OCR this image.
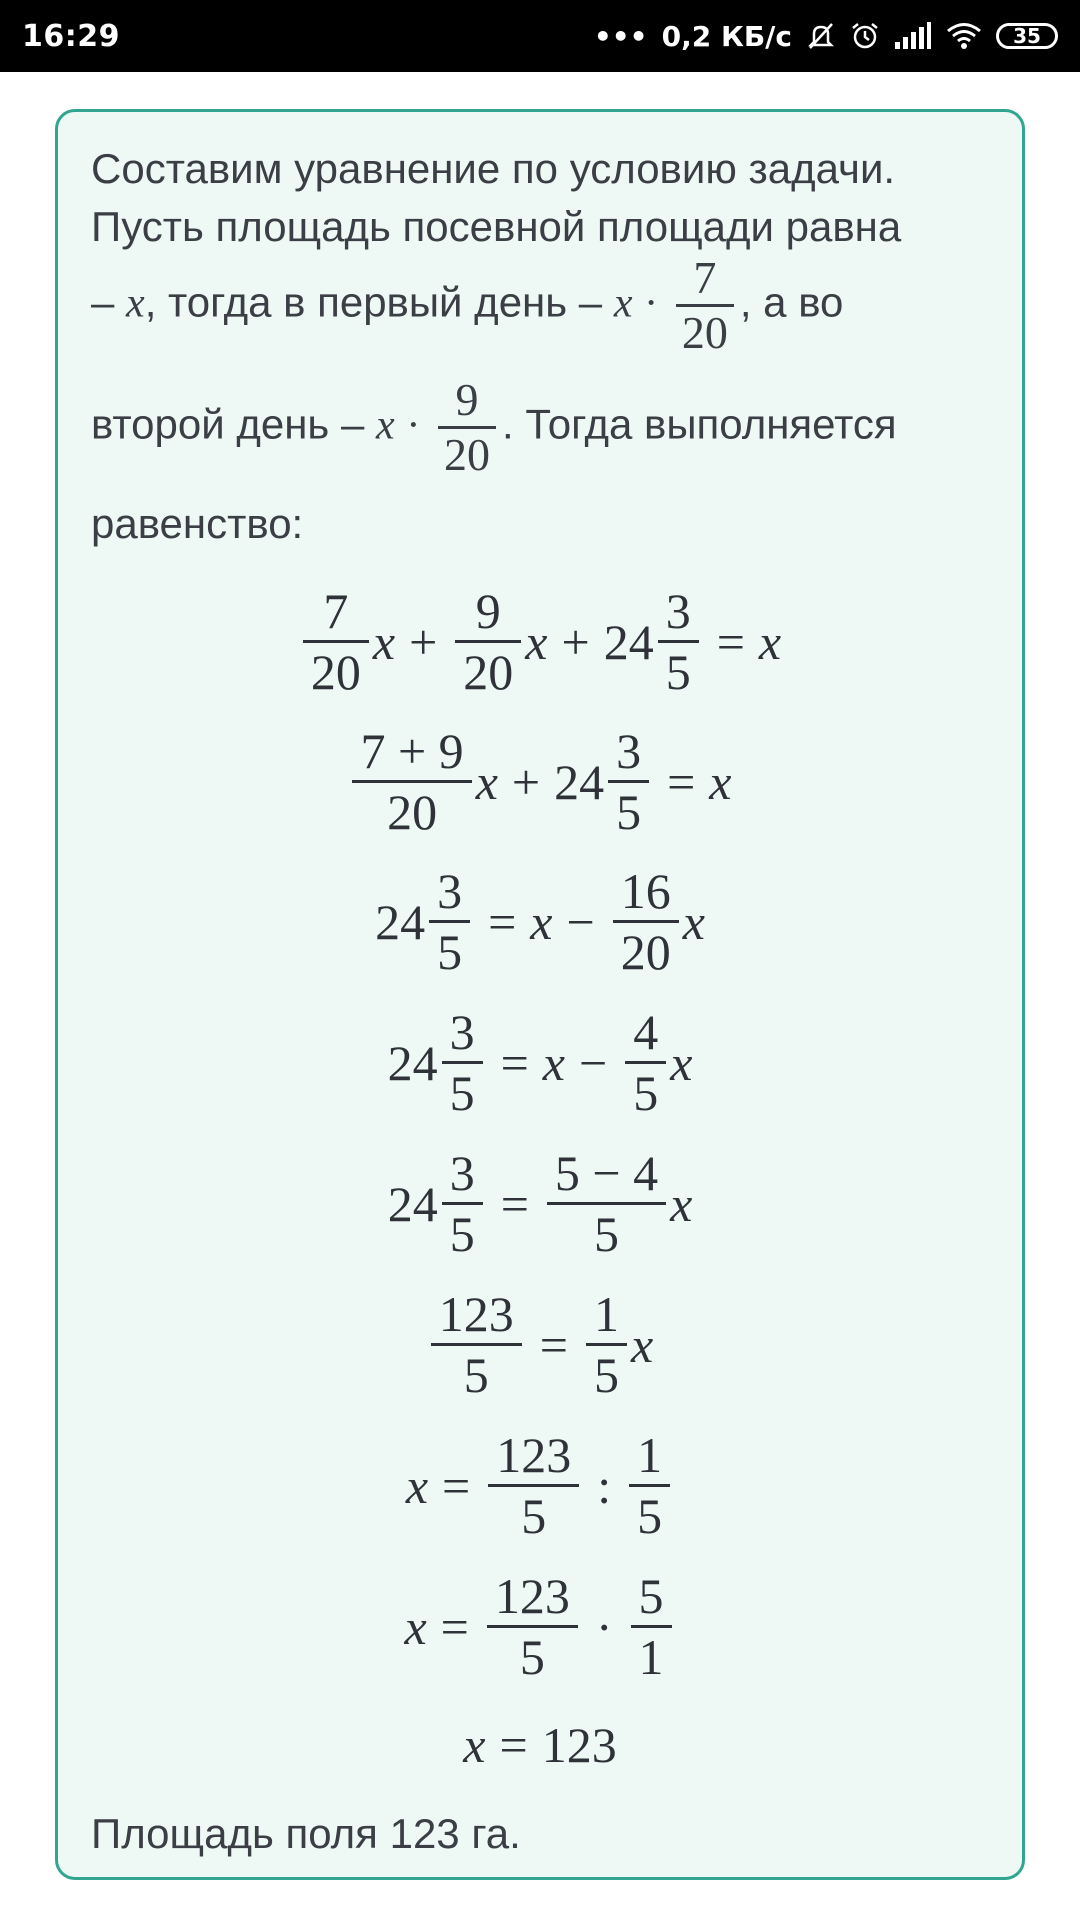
16:29	••• 0,2 КБ/с	35
Составим уравнение по условию задачи.
Пусть площадь посевной площади равна
– x, тогда в первый день – $x \cdot \frac{7}{20}$ , а во
второй день – $x \cdot \frac{9}{20}$ . Тогда выполняется
равенство:
$\frac{7}{20}$ $x + \frac{9}{20}$ $x + 24 \frac{3}{5} = x$
$\frac{7 + 9}{20}$ $x + 24 \frac{3}{5} = x$
$24 \frac{3}{5} = x - \frac{16}{20}$ x
$24 \frac{3}{5} = x - \frac{4}{5}$ x
$24 \frac{3}{5} = \frac{5 - 4}{5}$ x
$\frac{123}{5} = \frac{1}{5}$ x
$x = \frac{123}{5}$ : $\frac{1}{5}$
$x = \frac{123}{5} \cdot \frac{5}{1}$
x = 123
Площадь поля 123 га.
